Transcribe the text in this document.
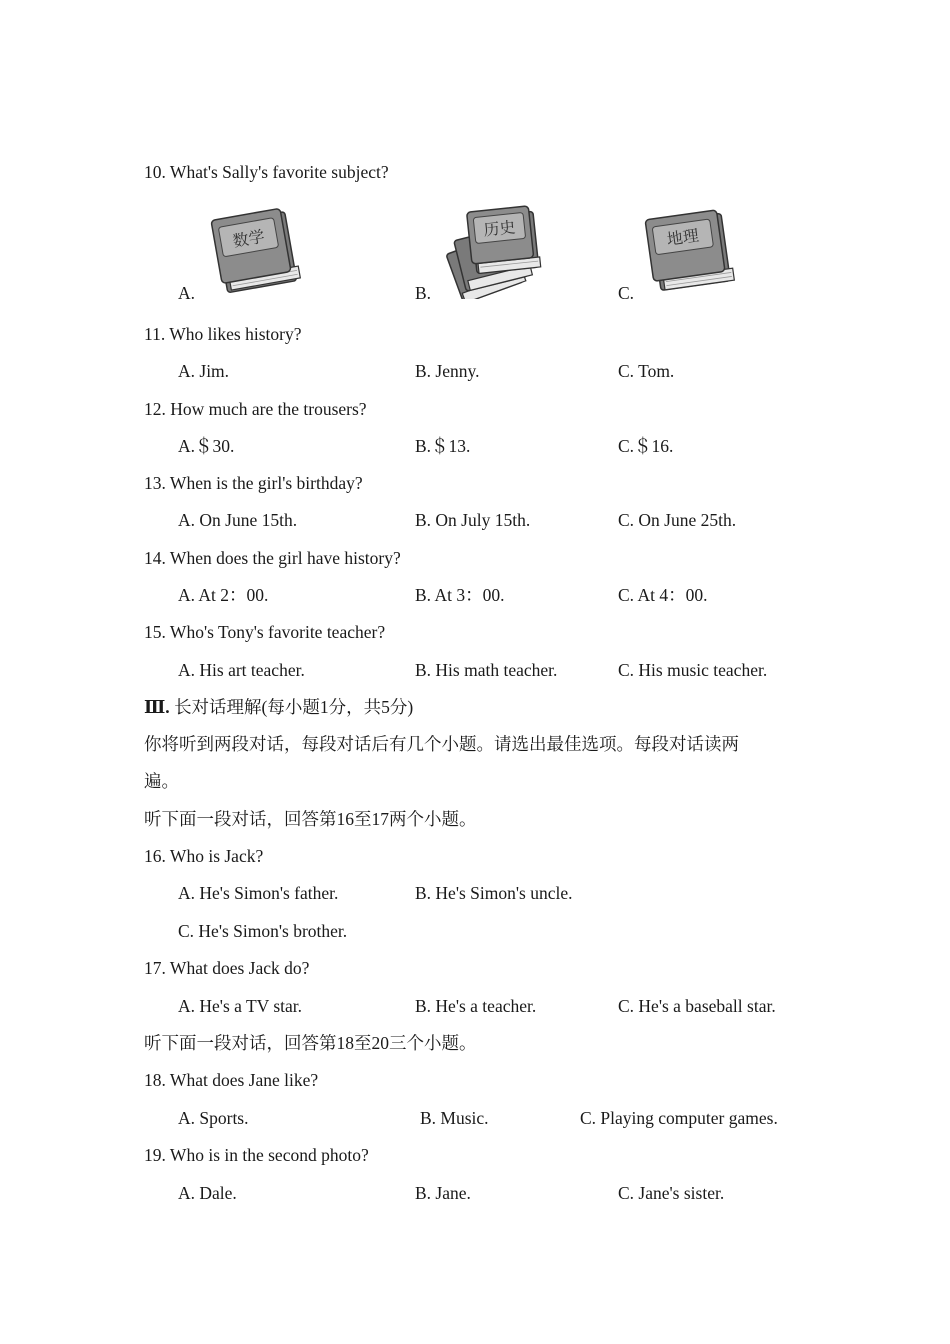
10. What's Sally's favorite subject?
A.
数学
B.
历史
C.
地理
11. Who likes history?
A. Jim.	B. Jenny.	C. Tom.
12. How much are the trousers?
A.＄30.	B.＄13.	C.＄16.
13. When is the girl's birthday?
A. On June 15th.	B. On July 15th.	C. On June 25th.
14. When does the girl have history?
A. At 2：00.	B. At 3：00.	C. At 4：00.
15. Who's Tony's favorite teacher?
A. His art teacher.	B. His math teacher.	C. His music teacher.
Ⅲ. 长对话理解(每小题1分，共5分)
你将听到两段对话，每段对话后有几个小题。请选出最佳选项。每段对话读两
遍。
听下面一段对话，回答第16至17两个小题。
16. Who is Jack?
A. He's Simon's father.	B. He's Simon's uncle.
C. He's Simon's brother.
17. What does Jack do?
A. He's a TV star.	B. He's a teacher.	C. He's a baseball star.
听下面一段对话，回答第18至20三个小题。
18. What does Jane like?
A. Sports.	B. Music.	C. Playing computer games.
19. Who is in the second photo?
A. Dale.	B. Jane.	C. Jane's sister.
